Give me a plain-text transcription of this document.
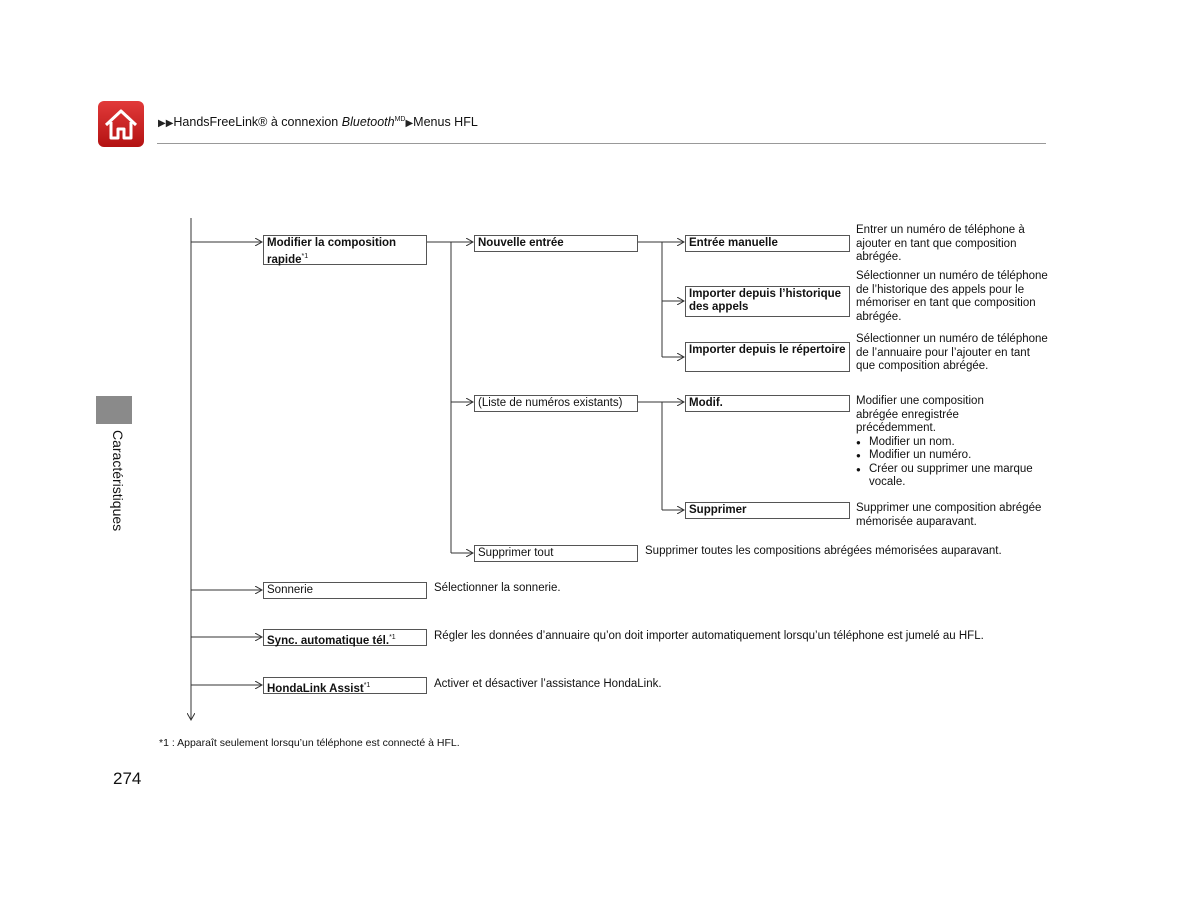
▶▶HandsFreeLink® à connexion Bluetooth$^{MD}$▶Menus HFL
Caractéristiques
Modifier la composition rapide$^{*1}$
Nouvelle entrée	Entrée manuelle
Importer depuis l’historique des appels
Importer depuis le répertoire
(Liste de numéros existants)	Modif.
Supprimer
Supprimer tout
Sonnerie
Sync. automatique tél.$^{*1}$
HondaLink Assist$^{*1}$
Entrer un numéro de téléphone à ajouter en tant que composition abrégée.
Sélectionner un numéro de téléphone de l’historique des appels pour le mémoriser en tant que composition abrégée.
Sélectionner un numéro de téléphone de l’annuaire pour l’ajouter en tant que composition abrégée.
Modifier une composition abrégée enregistrée précédemment.
● Modifier un nom.
● Modifier un numéro.
● Créer ou supprimer une marque vocale.
Supprimer une composition abrégée mémorisée auparavant.
Supprimer toutes les compositions abrégées mémorisées auparavant.
Sélectionner la sonnerie.
Régler les données d’annuaire qu’on doit importer automatiquement lorsqu’un téléphone est jumelé au HFL.
Activer et désactiver l’assistance HondaLink.
*1 : Apparaît seulement lorsqu’un téléphone est connecté à HFL.
274
